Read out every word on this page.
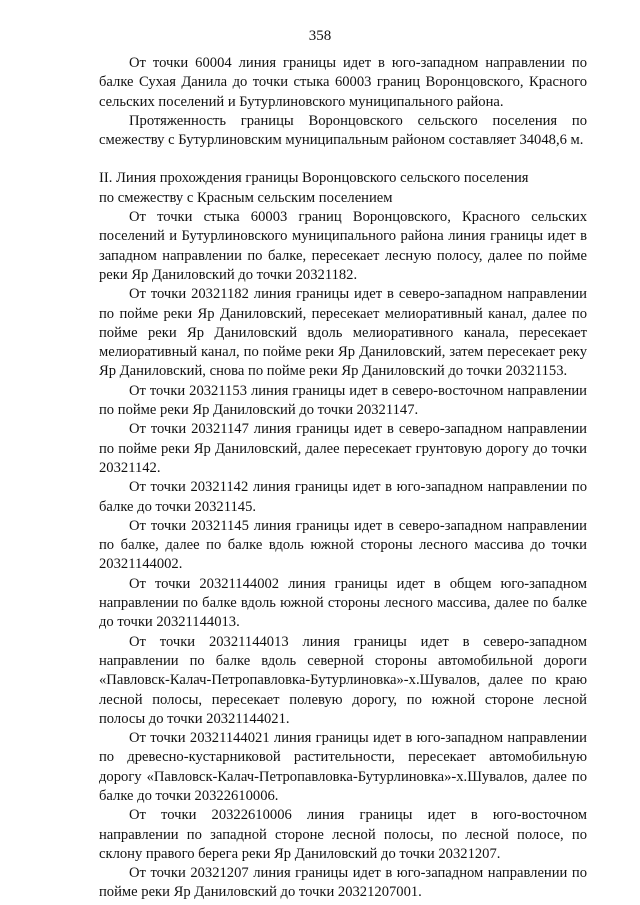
358

От точки 60004 линия границы идет в юго-западном направлении по балке Сухая Данила до точки стыка 60003 границ Воронцовского, Красного сельских поселений и Бутурлиновского муниципального района.

Протяженность границы Воронцовского сельского поселения по смежеству с Бутурлиновским муниципальным районом составляет 34048,6 м.

II. Линия прохождения границы Воронцовского сельского поселения

по смежеству с Красным сельским поселением

От точки стыка 60003 границ Воронцовского, Красного сельских поселений и Бутурлиновского муниципального района линия границы идет в западном направлении по балке, пересекает лесную полосу, далее по пойме реки Яр Даниловский до точки 20321182.

От точки 20321182 линия границы идет в северо-западном направлении по пойме реки Яр Даниловский, пересекает мелиоративный канал, далее по пойме реки Яр Даниловский вдоль мелиоративного канала, пересекает мелиоративный канал, по пойме реки Яр Даниловский, затем пересекает реку Яр Даниловский, снова по пойме реки Яр Даниловский до точки 20321153.

От точки 20321153 линия границы идет в северо-восточном направлении по пойме реки Яр Даниловский до точки 20321147.

От точки 20321147 линия границы идет в северо-западном направлении по пойме реки Яр Даниловский, далее пересекает грунтовую дорогу до точки 20321142.

От точки 20321142 линия границы идет в юго-западном направлении по балке до точки 20321145.

От точки 20321145 линия границы идет в северо-западном направлении по балке, далее по балке вдоль южной стороны лесного массива до точки 20321144002.

От точки 20321144002 линия границы идет в общем юго-западном направлении по балке вдоль южной стороны лесного массива, далее по балке до точки 20321144013.

От точки 20321144013 линия границы идет в северо-западном направлении по балке вдоль северной стороны автомобильной дороги «Павловск-Калач-Петропавловка-Бутурлиновка»-х.Шувалов, далее по краю лесной полосы, пересекает полевую дорогу, по южной стороне лесной полосы до точки 20321144021.

От точки 20321144021 линия границы идет в юго-западном направлении по древесно-кустарниковой растительности, пересекает автомобильную дорогу «Павловск-Калач-Петропавловка-Бутурлиновка»-х.Шувалов, далее по балке до точки 20322610006.

От точки 20322610006 линия границы идет в юго-восточном направлении по западной стороне лесной полосы, по лесной полосе, по склону правого берега реки Яр Даниловский до точки 20321207.

От точки 20321207 линия границы идет в юго-западном направлении по пойме реки Яр Даниловский до точки 20321207001.
